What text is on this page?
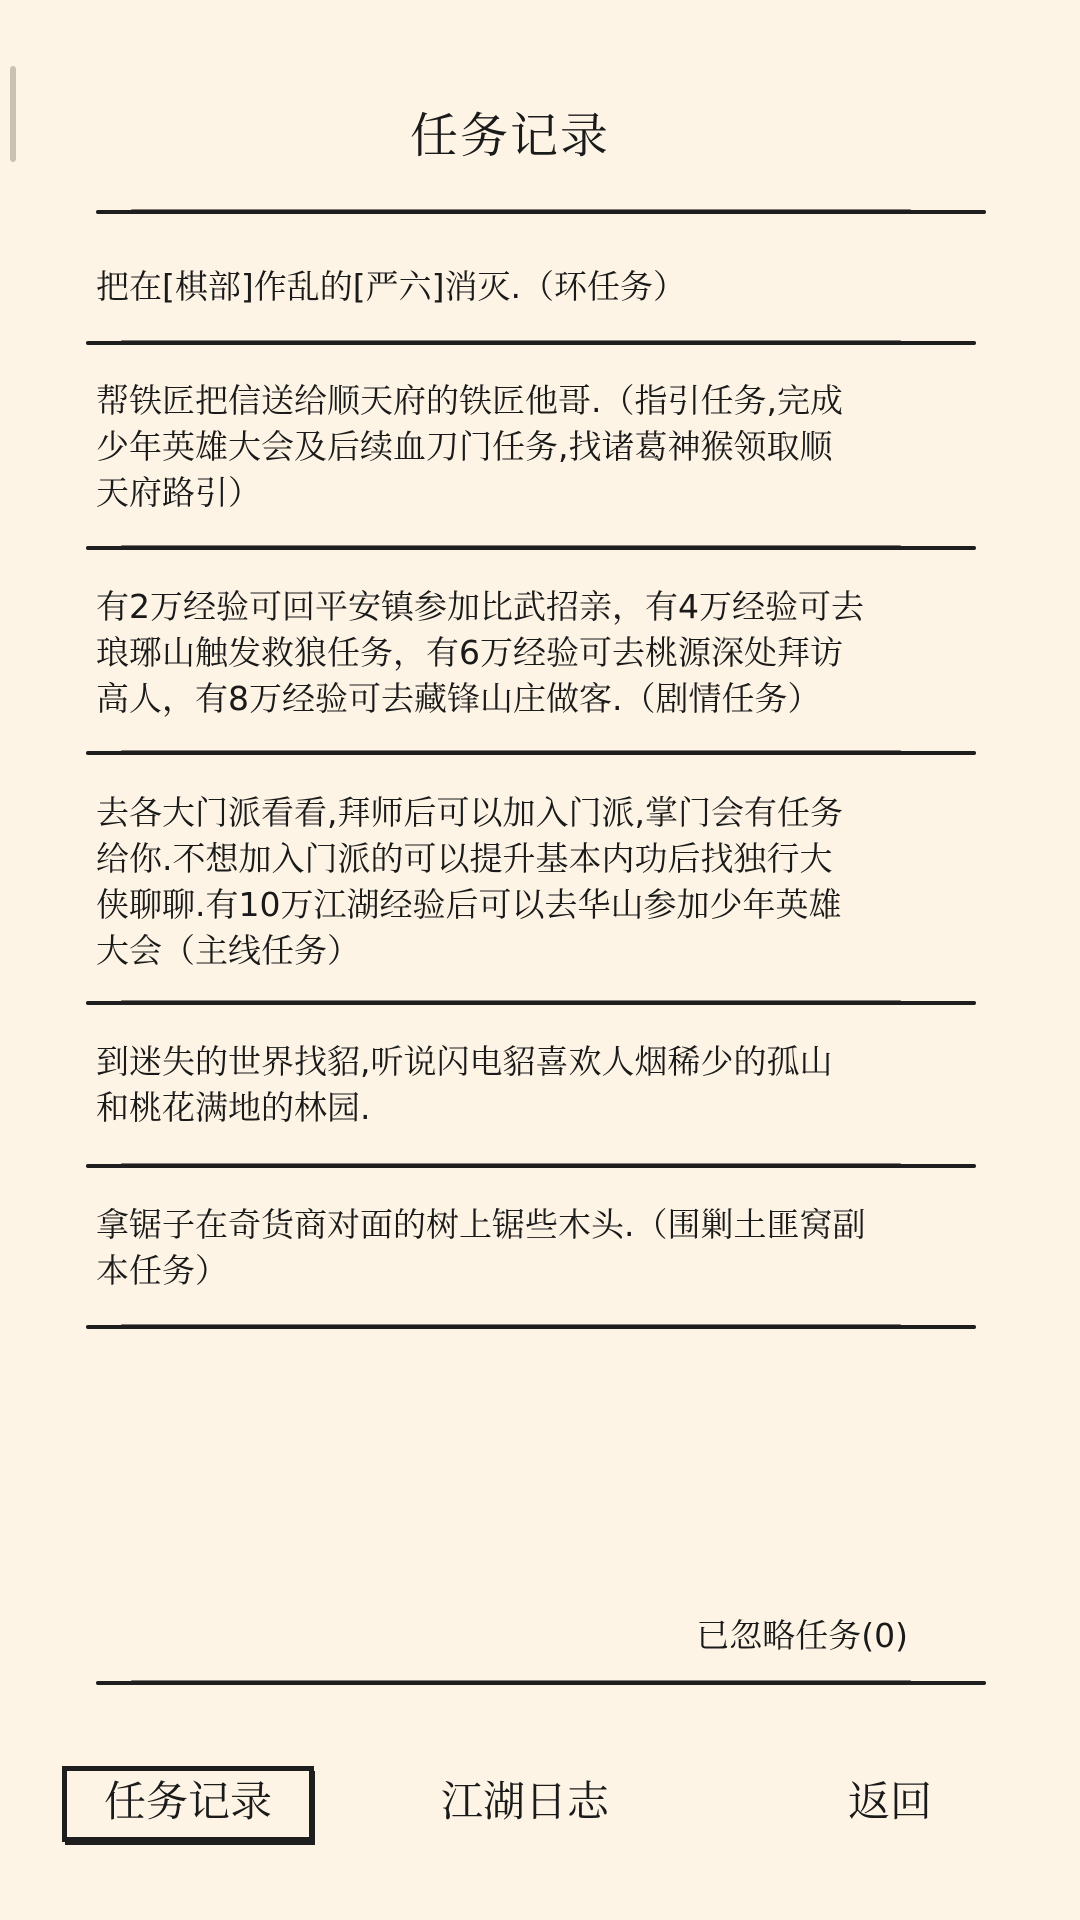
任务记录
把在[棋部]作乱的[严六]消灭.（环任务）
帮铁匠把信送给顺天府的铁匠他哥.（指引任务,完成
少年英雄大会及后续血刀门任务,找诸葛神猴领取顺
天府路引）
有2万经验可回平安镇参加比武招亲，有4万经验可去
琅琊山触发救狼任务，有6万经验可去桃源深处拜访
高人，有8万经验可去藏锋山庄做客.（剧情任务）
去各大门派看看,拜师后可以加入门派,掌门会有任务
给你.不想加入门派的可以提升基本内功后找独行大
侠聊聊.有10万江湖经验后可以去华山参加少年英雄
大会（主线任务）
到迷失的世界找貂,听说闪电貂喜欢人烟稀少的孤山
和桃花满地的林园.
拿锯子在奇货商对面的树上锯些木头.（围剿土匪窝副
本任务）
已忽略任务(0)
任务记录	江湖日志	返回
